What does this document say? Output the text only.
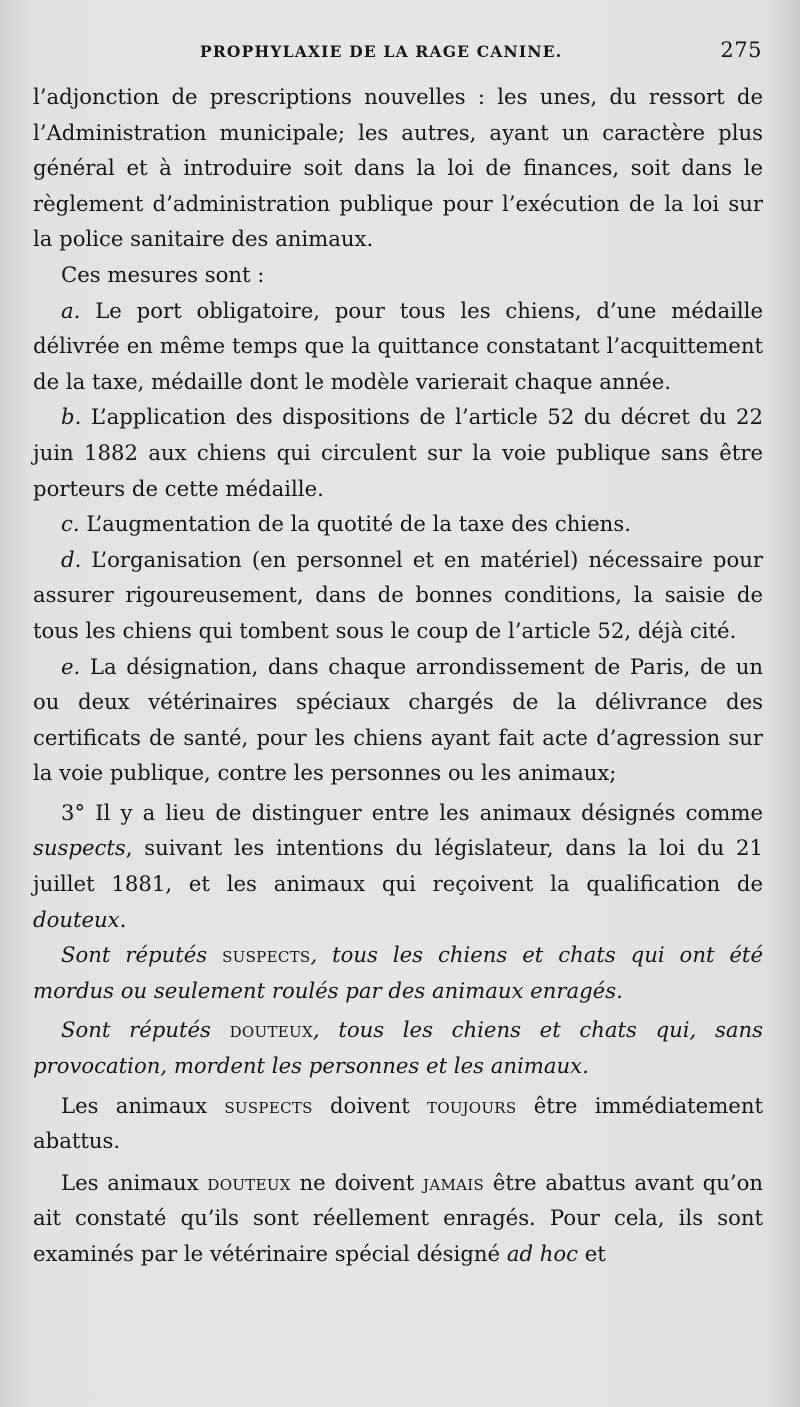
PROPHYLAXIE DE LA RAGE CANINE.	275

l’adjonction de prescriptions nouvelles : les unes, du ressort de l’Administration municipale; les autres, ayant un caractère plus général et à introduire soit dans la loi de finances, soit dans le règlement d’administration publique pour l’exécution de la loi sur la police sanitaire des animaux.

Ces mesures sont :

a. Le port obligatoire, pour tous les chiens, d’une médaille délivrée en même temps que la quittance constatant l’acquittement de la taxe, médaille dont le modèle varierait chaque année.

b. L’application des dispositions de l’article 52 du décret du 22 juin 1882 aux chiens qui circulent sur la voie publique sans être porteurs de cette médaille.

c. L’augmentation de la quotité de la taxe des chiens.

d. L’organisation (en personnel et en matériel) nécessaire pour assurer rigoureusement, dans de bonnes conditions, la saisie de tous les chiens qui tombent sous le coup de l’article 52, déjà cité.

e. La désignation, dans chaque arrondissement de Paris, de un ou deux vétérinaires spéciaux chargés de la délivrance des certificats de santé, pour les chiens ayant fait acte d’agression sur la voie publique, contre les personnes ou les animaux;

3° Il y a lieu de distinguer entre les animaux désignés comme suspects, suivant les intentions du législateur, dans la loi du 21 juillet 1881, et les animaux qui reçoivent la qualification de douteux.

Sont réputés suspects, tous les chiens et chats qui ont été mordus ou seulement roulés par des animaux enragés.

Sont réputés douteux, tous les chiens et chats qui, sans provocation, mordent les personnes et les animaux.

Les animaux suspects doivent toujours être immédiatement abattus.

Les animaux douteux ne doivent jamais être abattus avant qu’on ait constaté qu’ils sont réellement enragés. Pour cela, ils sont examinés par le vétérinaire spécial désigné ad hoc et
